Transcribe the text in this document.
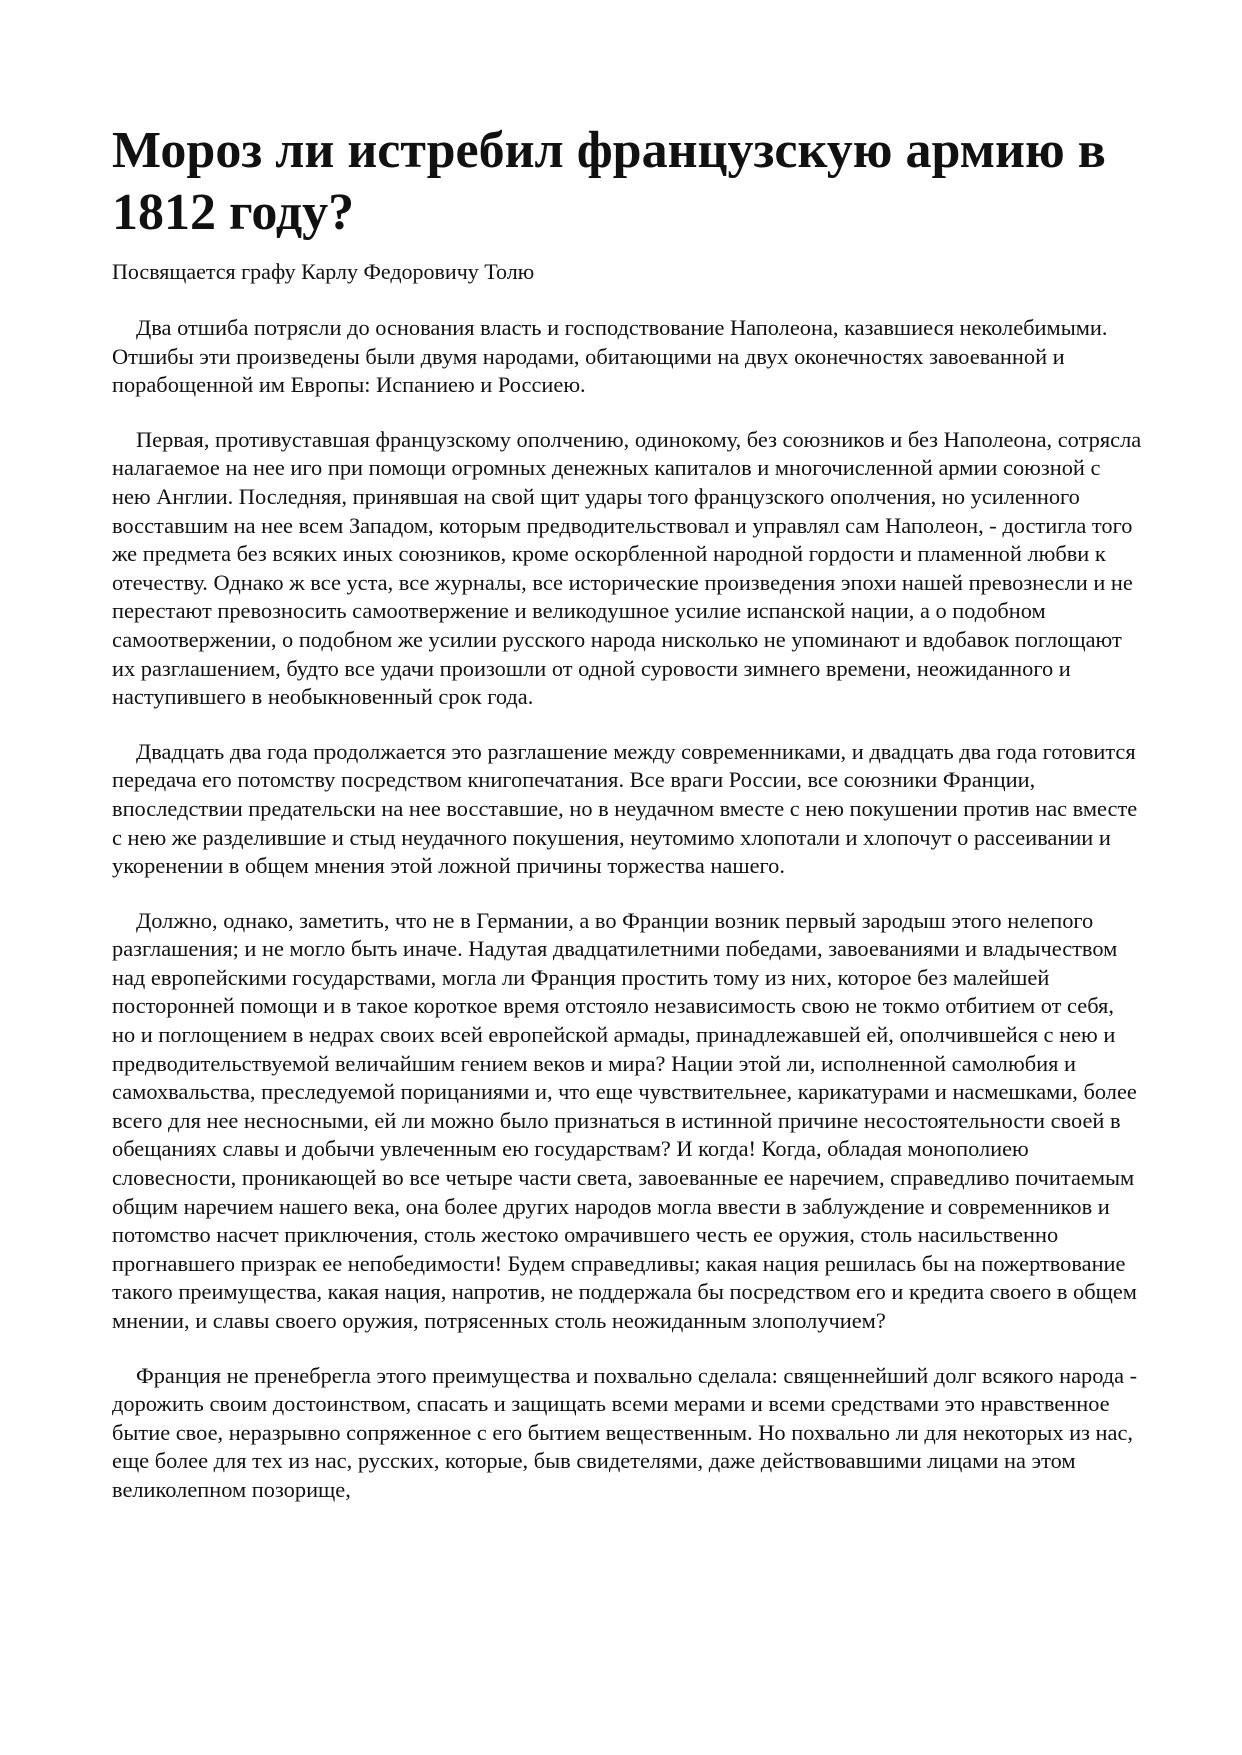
Мороз ли истребил французскую армию в 1812 году?

Посвящается графу Карлу Федоровичу Толю

Два отшиба потрясли до основания власть и господствование Наполеона, казавшиеся неколебимыми. Отшибы эти произведены были двумя народами, обитающими на двух оконечностях завоеванной и порабощенной им Европы: Испаниею и Россиею.

Первая, противуставшая французскому ополчению, одинокому, без союзников и без Наполеона, сотрясла налагаемое на нее иго при помощи огромных денежных капиталов и многочисленной армии союзной с нею Англии. Последняя, принявшая на свой щит удары того французского ополчения, но усиленного восставшим на нее всем Западом, которым предводительствовал и управлял сам Наполеон, - достигла того же предмета без всяких иных союзников, кроме оскорбленной народной гордости и пламенной любви к отечеству. Однако ж все уста, все журналы, все исторические произведения эпохи нашей превознесли и не перестают превозносить самоотвержение и великодушное усилие испанской нации, а о подобном самоотвержении, о подобном же усилии русского народа нисколько не упоминают и вдобавок поглощают их разглашением, будто все удачи произошли от одной суровости зимнего времени, неожиданного и наступившего в необыкновенный срок года.

Двадцать два года продолжается это разглашение между современниками, и двадцать два года готовится передача его потомству посредством книгопечатания. Все враги России, все союзники Франции, впоследствии предательски на нее восставшие, но в неудачном вместе с нею покушении против нас вместе с нею же разделившие и стыд неудачного покушения, неутомимо хлопотали и хлопочут о рассеивании и укоренении в общем мнения этой ложной причины торжества нашего.

Должно, однако, заметить, что не в Германии, а во Франции возник первый зародыш этого нелепого разглашения; и не могло быть иначе. Надутая двадцатилетними победами, завоеваниями и владычеством над европейскими государствами, могла ли Франция простить тому из них, которое без малейшей посторонней помощи и в такое короткое время отстояло независимость свою не токмо отбитием от себя, но и поглощением в недрах своих всей европейской армады, принадлежавшей ей, ополчившейся с нею и предводительствуемой величайшим гением веков и мира? Нации этой ли, исполненной самолюбия и самохвальства, преследуемой порицаниями и, что еще чувствительнее, карикатурами и насмешками, более всего для нее несносными, ей ли можно было признаться в истинной причине несостоятельности своей в обещаниях славы и добычи увлеченным ею государствам? И когда! Когда, обладая монополиею словесности, проникающей во все четыре части света, завоеванные ее наречием, справедливо почитаемым общим наречием нашего века, она более других народов могла ввести в заблуждение и современников и потомство насчет приключения, столь жестоко омрачившего честь ее оружия, столь насильственно прогнавшего призрак ее непобедимости! Будем справедливы; какая нация решилась бы на пожертвование такого преимущества, какая нация, напротив, не поддержала бы посредством его и кредита своего в общем мнении, и славы своего оружия, потрясенных столь неожиданным злополучием?

Франция не пренебрегла этого преимущества и похвально сделала: священнейший долг всякого народа - дорожить своим достоинством, спасать и защищать всеми мерами и всеми средствами это нравственное бытие свое, неразрывно сопряженное с его бытием вещественным. Но похвально ли для некоторых из нас, еще более для тех из нас, русских, которые, быв свидетелями, даже действовавшими лицами на этом великолепном позорище,
